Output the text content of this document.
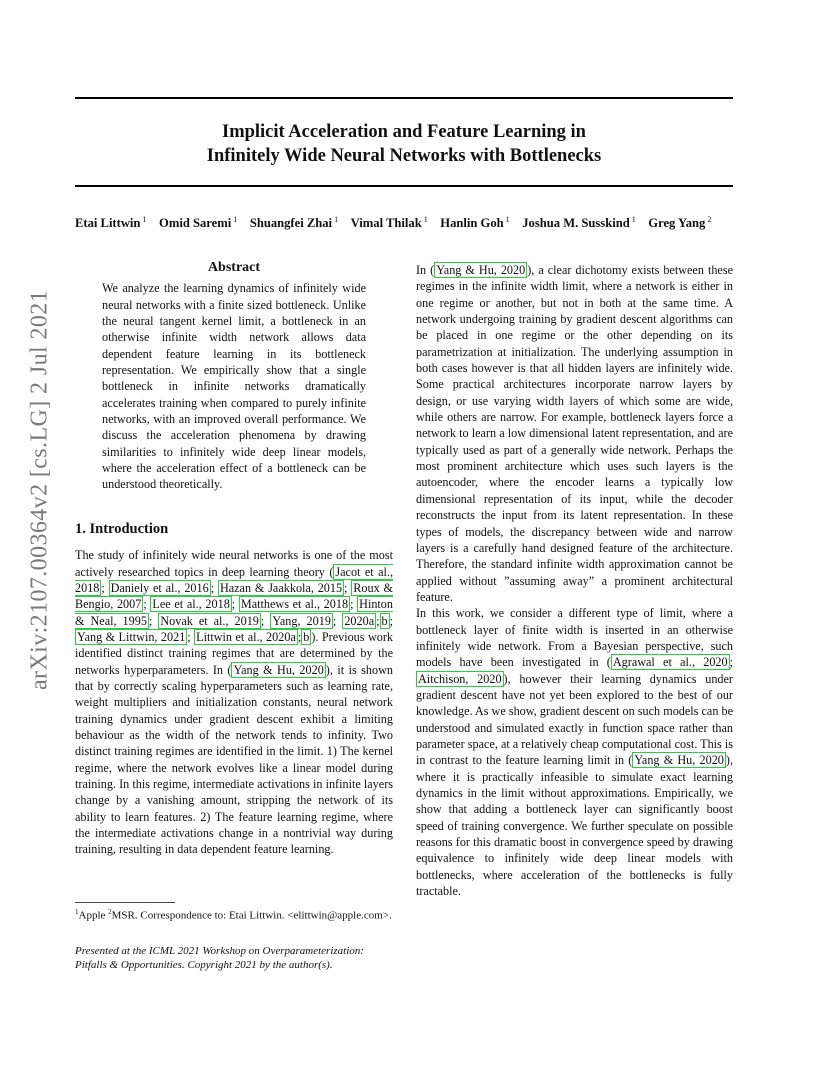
arXiv:2107.00364v2 [cs.LG] 2 Jul 2021
Implicit Acceleration and Feature Learning in
Infinitely Wide Neural Networks with Bottlenecks
Etai Littwin $^1$   Omid Saremi $^1$   Shuangfei Zhai $^1$   Vimal Thilak $^1$   Hanlin Goh $^1$   Joshua M. Susskind $^1$   Greg Yang $^2$
Abstract

We analyze the learning dynamics of infinitely wide neural networks with a finite sized bottleneck. Unlike the neural tangent kernel limit, a bottleneck in an otherwise infinite width network allows data dependent feature learning in its bottleneck representation. We empirically show that a single bottleneck in infinite networks dramatically accelerates training when compared to purely infinite networks, with an improved overall performance. We discuss the acceleration phenomena by drawing similarities to infinitely wide deep linear models, where the acceleration effect of a bottleneck can be understood theoretically.

1. Introduction

The study of infinitely wide neural networks is one of the most actively researched topics in deep learning theory ( Jacot et al., 2018 ; Daniely et al., 2016 ; Hazan & Jaakkola, 2015 ; Roux & Bengio, 2007 ; Lee et al., 2018 ; Matthews et al., 2018 ; Hinton & Neal, 1995 ; Novak et al., 2019 ; Yang, 2019 ; 2020a ; b ; Yang & Littwin, 2021 ; Littwin et al., 2020a ; b ). Previous work identified distinct training regimes that are determined by the networks hyperparameters. In ( Yang & Hu, 2020 ), it is shown that by correctly scaling hyperparameters such as learning rate, weight multipliers and initialization constants, neural network training dynamics under gradient descent exhibit a limiting behaviour as the width of the network tends to infinity. Two distinct training regimes are identified in the limit. 1) The kernel regime, where the network evolves like a linear model during training. In this regime, intermediate activations in infinite layers change by a vanishing amount, stripping the network of its ability to learn features. 2) The feature learning regime, where the intermediate activations change in a nontrivial way during training, resulting in data dependent feature learning.

In ( Yang & Hu, 2020 ), a clear dichotomy exists between these regimes in the infinite width limit, where a network is either in one regime or another, but not in both at the same time. A network undergoing training by gradient descent algorithms can be placed in one regime or the other depending on its parametrization at initialization. The underlying assumption in both cases however is that all hidden layers are infinitely wide. Some practical architectures incorporate narrow layers by design, or use varying width layers of which some are wide, while others are narrow. For example, bottleneck layers force a network to learn a low dimensional latent representation, and are typically used as part of a generally wide network. Perhaps the most prominent architecture which uses such layers is the autoencoder, where the encoder learns a typically low dimensional representation of its input, while the decoder reconstructs the input from its latent representation. In these types of models, the discrepancy between wide and narrow layers is a carefully hand designed feature of the architecture. Therefore, the standard infinite width approximation cannot be applied without ”assuming away” a prominent architectural feature.

In this work, we consider a different type of limit, where a bottleneck layer of finite width is inserted in an otherwise infinitely wide network. From a Bayesian perspective, such models have been investigated in ( Agrawal et al., 2020 ; Aitchison, 2020 ), however their learning dynamics under gradient descent have not yet been explored to the best of our knowledge. As we show, gradient descent on such models can be understood and simulated exactly in function space rather than parameter space, at a relatively cheap computational cost. This is in contrast to the feature learning limit in ( Yang & Hu, 2020 ), where it is practically infeasible to simulate exact learning dynamics in the limit without approximations. Empirically, we show that adding a bottleneck layer can significantly boost speed of training convergence. We further speculate on possible reasons for this dramatic boost in convergence speed by drawing equivalence to infinitely wide deep linear models with bottlenecks, where acceleration of the bottlenecks is fully tractable.

$^1$Apple $^2$MSR. Correspondence to: Etai Littwin. <elittwin@apple.com>.
Presented at the ICML 2021 Workshop on Overparameterization:
Pitfalls & Opportunities. Copyright 2021 by the author(s).
